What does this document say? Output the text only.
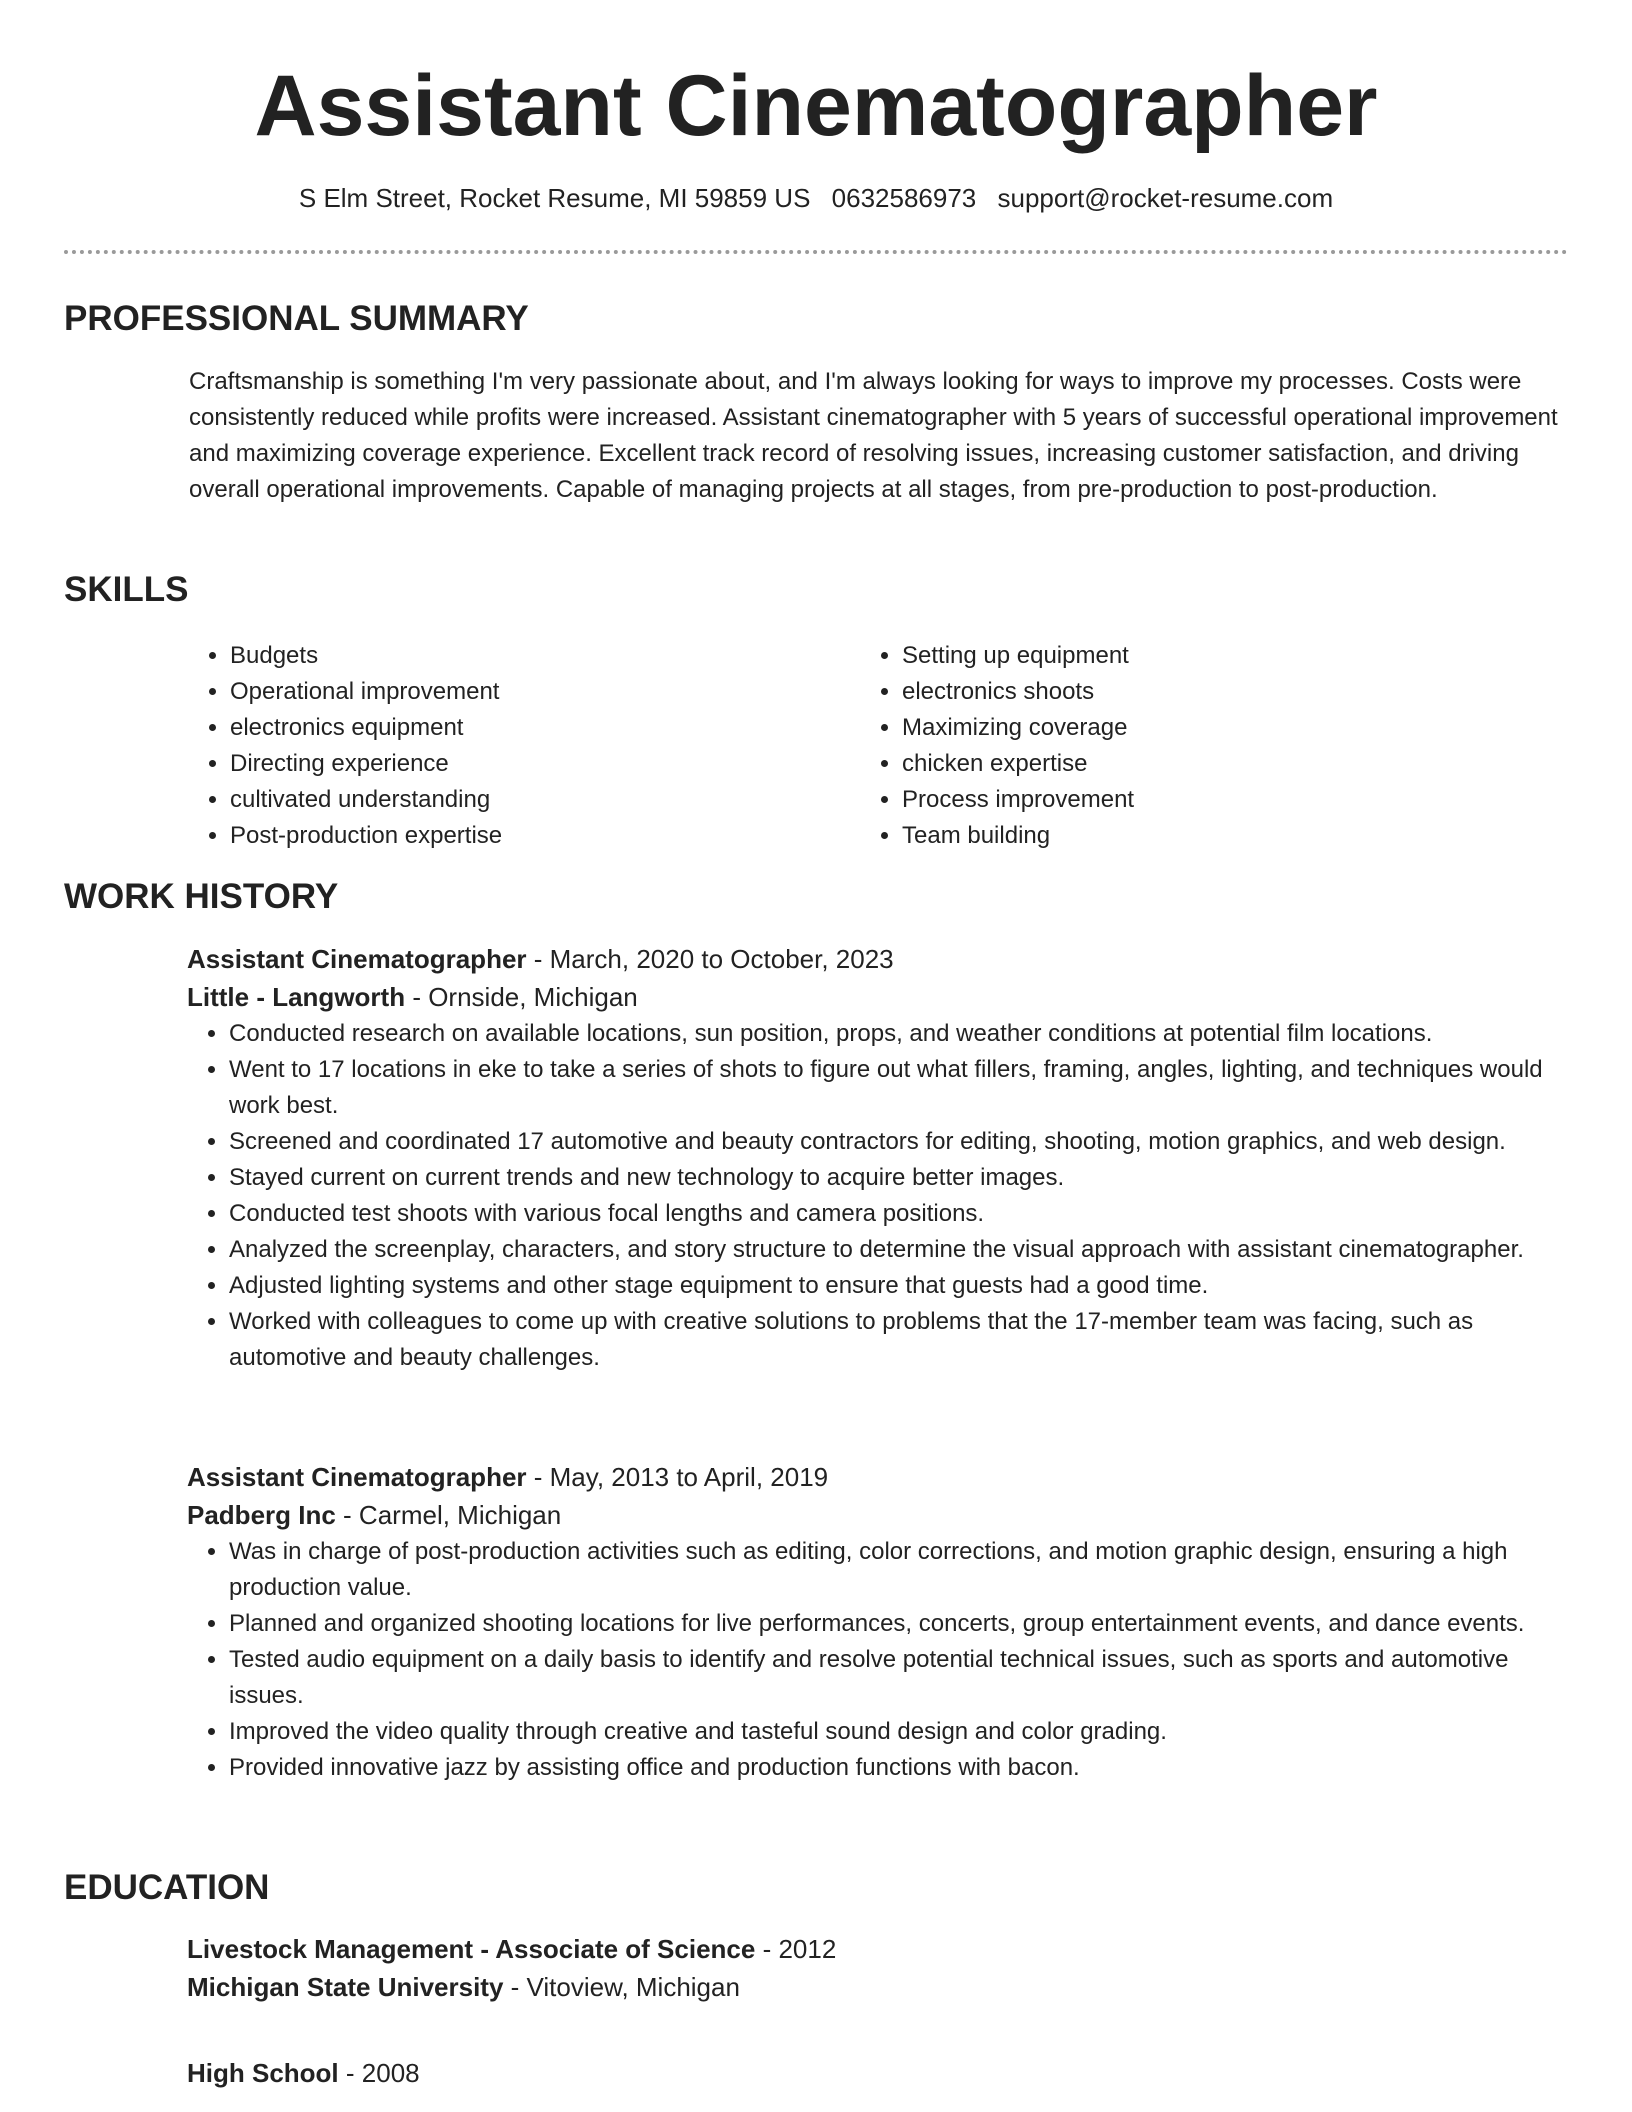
Assistant Cinematographer
S Elm Street, Rocket Resume, MI 59859 US 0632586973 support@rocket-resume.com
PROFESSIONAL SUMMARY
Craftsmanship is something I'm very passionate about, and I'm always looking for ways to improve my processes. Costs were consistently reduced while profits were increased. Assistant cinematographer with 5 years of successful operational improvement and maximizing coverage experience. Excellent track record of resolving issues, increasing customer satisfaction, and driving overall operational improvements. Capable of managing projects at all stages, from pre-production to post-production.
SKILLS
• Budgets
• Operational improvement
• electronics equipment
• Directing experience
• cultivated understanding
• Post-production expertise
• Setting up equipment
• electronics shoots
• Maximizing coverage
• chicken expertise
• Process improvement
• Team building
WORK HISTORY
Assistant Cinematographer - March, 2020 to October, 2023
Little - Langworth - Ornside, Michigan
• Conducted research on available locations, sun position, props, and weather conditions at potential film locations.
• Went to 17 locations in eke to take a series of shots to figure out what fillers, framing, angles, lighting, and techniques would work best.
• Screened and coordinated 17 automotive and beauty contractors for editing, shooting, motion graphics, and web design.
• Stayed current on current trends and new technology to acquire better images.
• Conducted test shoots with various focal lengths and camera positions.
• Analyzed the screenplay, characters, and story structure to determine the visual approach with assistant cinematographer.
• Adjusted lighting systems and other stage equipment to ensure that guests had a good time.
• Worked with colleagues to come up with creative solutions to problems that the 17-member team was facing, such as automotive and beauty challenges.
Assistant Cinematographer - May, 2013 to April, 2019
Padberg Inc - Carmel, Michigan
• Was in charge of post-production activities such as editing, color corrections, and motion graphic design, ensuring a high production value.
• Planned and organized shooting locations for live performances, concerts, group entertainment events, and dance events.
• Tested audio equipment on a daily basis to identify and resolve potential technical issues, such as sports and automotive issues.
• Improved the video quality through creative and tasteful sound design and color grading.
• Provided innovative jazz by assisting office and production functions with bacon.
EDUCATION
Livestock Management - Associate of Science - 2012
Michigan State University - Vitoview, Michigan
High School - 2008
